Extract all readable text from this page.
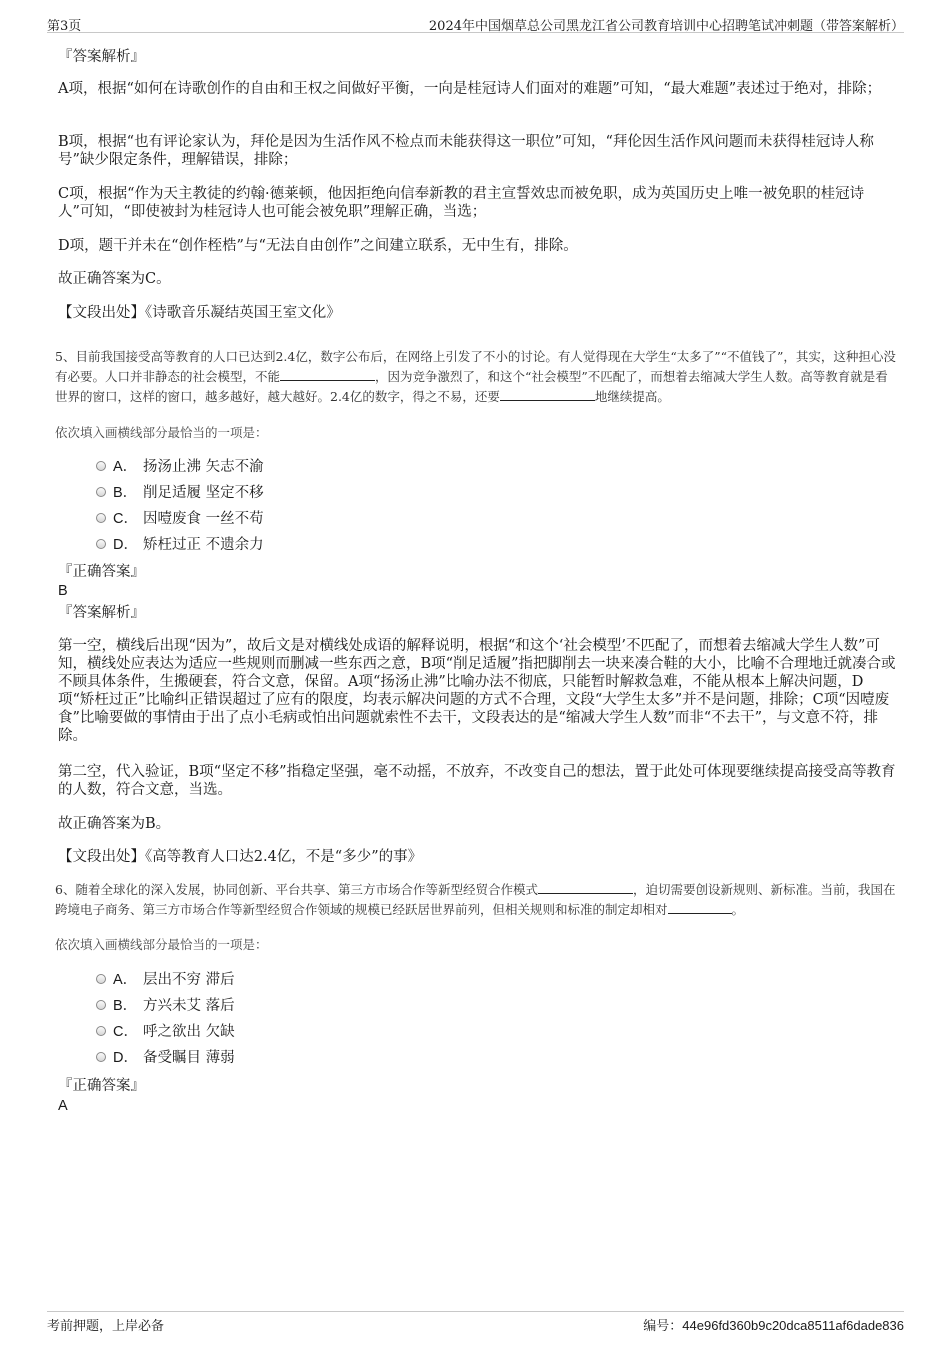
第3页	2024年中国烟草总公司黑龙江省公司教育培训中心招聘笔试冲刺题（带答案解析）
『答案解析』

A项，根据“如何在诗歌创作的自由和王权之间做好平衡，一向是桂冠诗人们面对的难题”可知，“最大难题”表述过于绝对，排除；

B项，根据“也有评论家认为，拜伦是因为生活作风不检点而未能获得这一职位”可知，“拜伦因生活作风问题而未获得桂冠诗人称号”缺少限定条件，理解错误，排除；

C项，根据“作为天主教徒的约翰·德莱顿，他因拒绝向信奉新教的君主宣誓效忠而被免职，成为英国历史上唯一被免职的桂冠诗人”可知，“即使被封为桂冠诗人也可能会被免职”理解正确，当选；

D项，题干并未在“创作桎梏”与“无法自由创作”之间建立联系，无中生有，排除。

故正确答案为C。

【文段出处】《诗歌音乐凝结英国王室文化》

5、目前我国接受高等教育的人口已达到2.4亿，数字公布后，在网络上引发了不小的讨论。有人觉得现在大学生“太多了”“不值钱了”，其实，这种担心没有必要。人口并非静态的社会模型，不能	，因为竞争激烈了，和这个“社会模型”不匹配了，而想着去缩减大学生人数。高等教育就是看世界的窗口，这样的窗口，越多越好，越大越好。2.4亿的数字，得之不易，还要	地继续提高。

依次填入画横线部分最恰当的一项是：
A． 扬汤止沸 矢志不渝
B． 削足适履 坚定不移
C． 因噎废食 一丝不苟
D． 矫枉过正 不遗余力
『正确答案』
B
『答案解析』

第一空，横线后出现“因为”，故后文是对横线处成语的解释说明，根据“和这个‘社会模型’不匹配了，而想着去缩减大学生人数”可知，横线处应表达为适应一些规则而删减一些东西之意，B项“削足适履”指把脚削去一块来凑合鞋的大小，比喻不合理地迁就凑合或不顾具体条件，生搬硬套，符合文意，保留。A项“扬汤止沸”比喻办法不彻底，只能暂时解救急难，不能从根本上解决问题，D项“矫枉过正”比喻纠正错误超过了应有的限度，均表示解决问题的方式不合理，文段“大学生太多”并不是问题，排除；C项“因噎废食”比喻要做的事情由于出了点小毛病或怕出问题就索性不去干，文段表达的是“缩减大学生人数”而非“不去干”，与文意不符，排除。

第二空，代入验证，B项“坚定不移”指稳定坚强，毫不动摇，不放弃，不改变自己的想法，置于此处可体现要继续提高接受高等教育的人数，符合文意，当选。

故正确答案为B。

【文段出处】《高等教育人口达2.4亿，不是“多少”的事》

6、随着全球化的深入发展，协同创新、平台共享、第三方市场合作等新型经贸合作模式	，迫切需要创设新规则、新标准。当前，我国在跨境电子商务、第三方市场合作等新型经贸合作领域的规模已经跃居世界前列，但相关规则和标准的制定却相对	。

依次填入画横线部分最恰当的一项是：
A． 层出不穷 滞后
B． 方兴未艾 落后
C． 呼之欲出 欠缺
D． 备受瞩目 薄弱
『正确答案』
A
考前押题，上岸必备	编号：44e96fd360b9c20dca8511af6dade836
